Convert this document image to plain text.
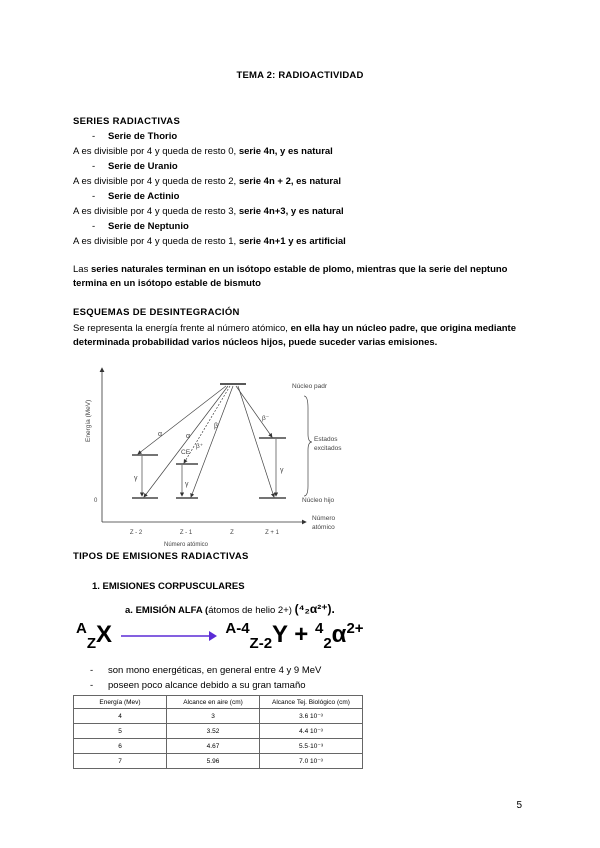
TEMA 2: RADIOACTIVIDAD
SERIES RADIACTIVAS
- Serie de Thorio
A es divisible por 4 y queda de resto 0, serie 4n, y es natural
- Serie de Uranio
A es divisible por 4 y queda de resto 2, serie 4n + 2, es natural
- Serie de Actinio
A es divisible por 4 y queda de resto 3, serie 4n+3, y es natural
- Serie de Neptunio
A es divisible por 4 y queda de resto 1, serie 4n+1 y es artificial
Las series naturales terminan en un isótopo estable de plomo, mientras que la serie del neptuno termina en un isótopo estable de bismuto
ESQUEMAS DE DESINTEGRACIÓN
Se representa la energía frente al número atómico, en ella hay un núcleo padre, que origina mediante determinada probabilidad varios núcleos hijos, puede suceder varias emisiones.
Energía (MeV)
0
Z - 2	Z - 1	Z	Z + 1
Número atómico
Número
atómico
α	α
β⁺
CE
β
β⁻
γ
γ
γ
Núcleo padr
Estados
excitados
Núcleo hijo
TIPOS DE EMISIONES RADIACTIVAS
1. EMISIONES CORPUSCULARES
a. EMISIÓN ALFA (átomos de helio 2+) (⁴₂α²⁺).
$^A_Z$X	$^{A-4}_{Z-2}Y + ^4_2\alpha^{2+}$
- son mono energéticas, en general entre 4 y 9 MeV
- poseen poco alcance debido a su gran tamaño
Energía (Mev)	Alcance en aire (cm)	Alcance Tej. Biológico (cm)
4	3	3.6 10⁻³
5	3.52	4.4 10⁻³
6	4.67	5.5·10⁻³
7	5.96	7.0 10⁻³
5
